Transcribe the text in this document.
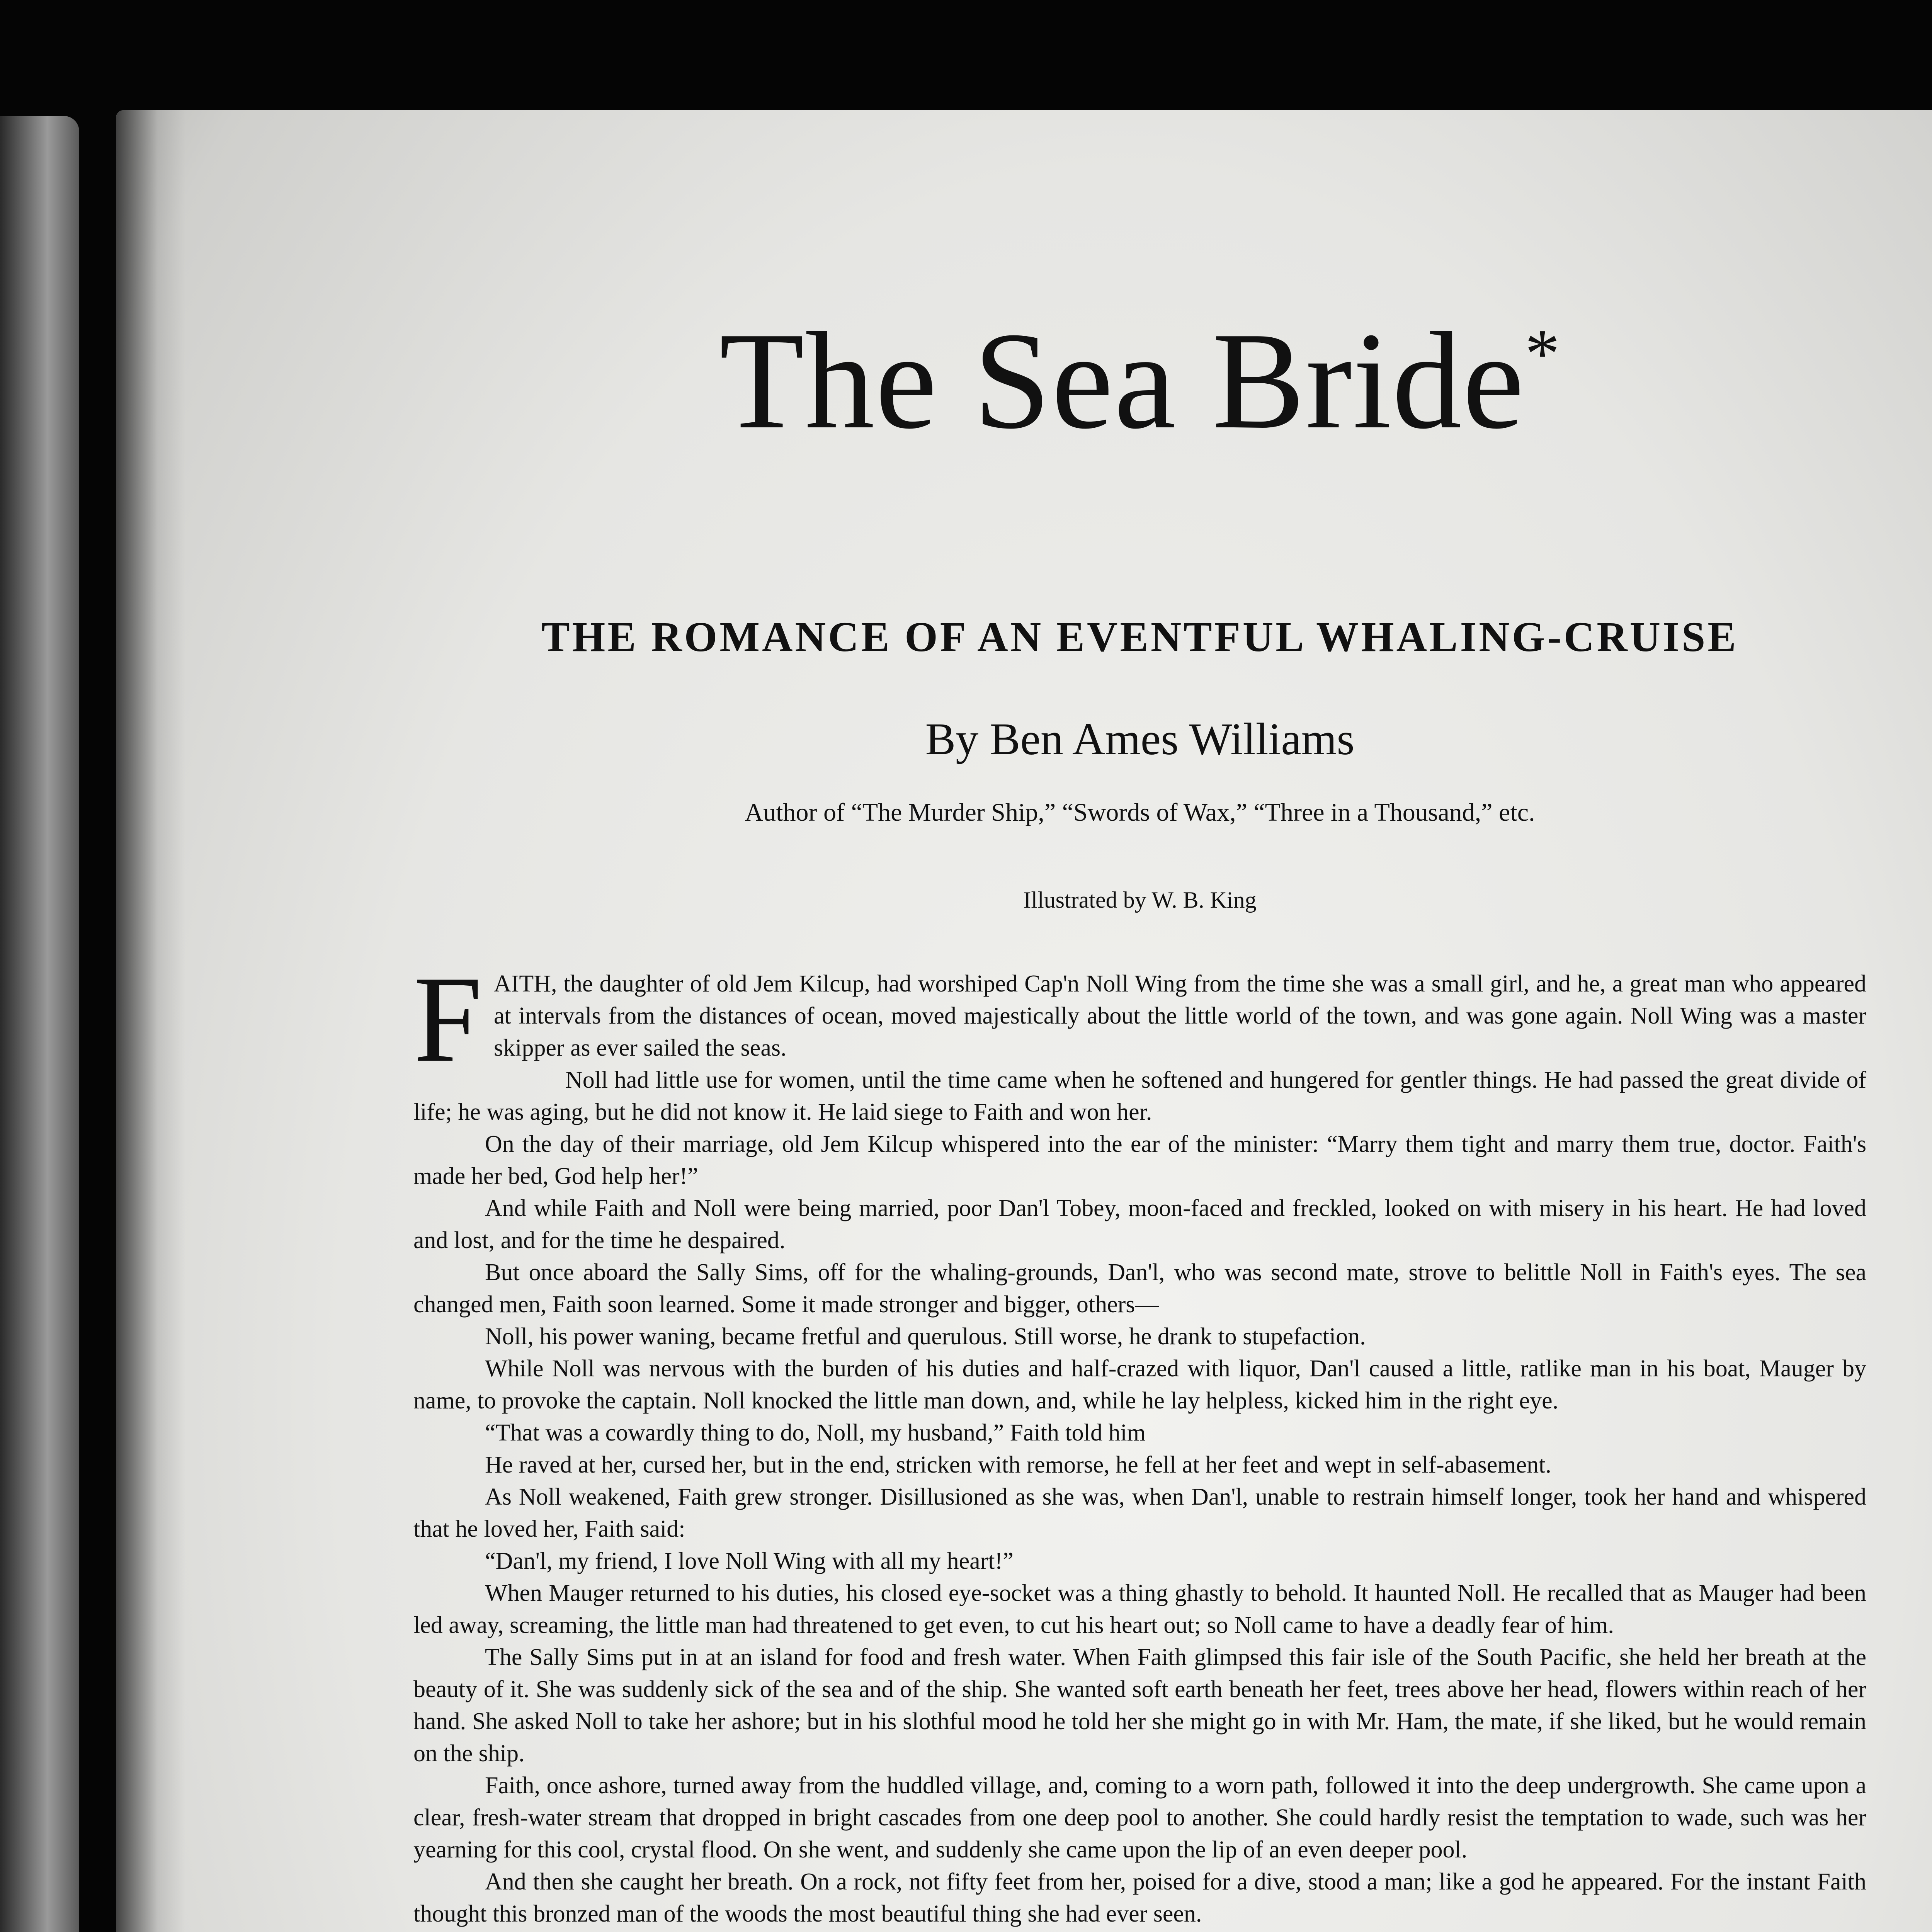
The Sea Bride*
THE ROMANCE OF AN EVENTFUL WHALING-CRUISE

By Ben Ames Williams

Author of “The Murder Ship,” “Swords of Wax,” “Three in a Thousand,” etc.

Illustrated by W. B. King

FAITH, the daughter of old Jem Kilcup, had worshiped Cap'n Noll Wing from the time she was a small girl, and he, a great man who appeared at intervals from the distances of ocean, moved majestically about the little world of the town, and was gone again. Noll Wing was a master skipper as ever sailed the seas.

Noll had little use for women, until the time came when he softened and hungered for gentler things. He had passed the great divide of life; he was aging, but he did not know it. He laid siege to Faith and won her.

On the day of their marriage, old Jem Kilcup whispered into the ear of the minister: “Marry them tight and marry them true, doctor. Faith's made her bed, God help her!”

And while Faith and Noll were being married, poor Dan'l Tobey, moon-faced and freckled, looked on with misery in his heart. He had loved and lost, and for the time he despaired.

But once aboard the Sally Sims, off for the whaling-grounds, Dan'l, who was second mate, strove to belittle Noll in Faith's eyes. The sea changed men, Faith soon learned. Some it made stronger and bigger, others—

Noll, his power waning, became fretful and querulous. Still worse, he drank to stupefaction.

While Noll was nervous with the burden of his duties and half-crazed with liquor, Dan'l caused a little, ratlike man in his boat, Mauger by name, to provoke the captain. Noll knocked the little man down, and, while he lay helpless, kicked him in the right eye.

“That was a cowardly thing to do, Noll, my husband,” Faith told him

He raved at her, cursed her, but in the end, stricken with remorse, he fell at her feet and wept in self-abasement.

As Noll weakened, Faith grew stronger. Disillusioned as she was, when Dan'l, unable to restrain himself longer, took her hand and whispered that he loved her, Faith said:

“Dan'l, my friend, I love Noll Wing with all my heart!”

When Mauger returned to his duties, his closed eye-socket was a thing ghastly to behold. It haunted Noll. He recalled that as Mauger had been led away, screaming, the little man had threatened to get even, to cut his heart out; so Noll came to have a deadly fear of him.

The Sally Sims put in at an island for food and fresh water. When Faith glimpsed this fair isle of the South Pacific, she held her breath at the beauty of it. She was suddenly sick of the sea and of the ship. She wanted soft earth beneath her feet, trees above her head, flowers within reach of her hand. She asked Noll to take her ashore; but in his slothful mood he told her she might go in with Mr. Ham, the mate, if she liked, but he would remain on the ship.

Faith, once ashore, turned away from the huddled village, and, coming to a worn path, followed it into the deep undergrowth. She came upon a clear, fresh-water stream that dropped in bright cascades from one deep pool to another. She could hardly resist the temptation to wade, such was her yearning for this cool, crystal flood. On she went, and suddenly she came upon the lip of an even deeper pool.

And then she caught her breath. On a rock, not fifty feet from her, poised for a dive, stood a man; like a god he appeared. For the instant Faith thought this bronzed man of the woods the most beautiful thing she had ever seen.
